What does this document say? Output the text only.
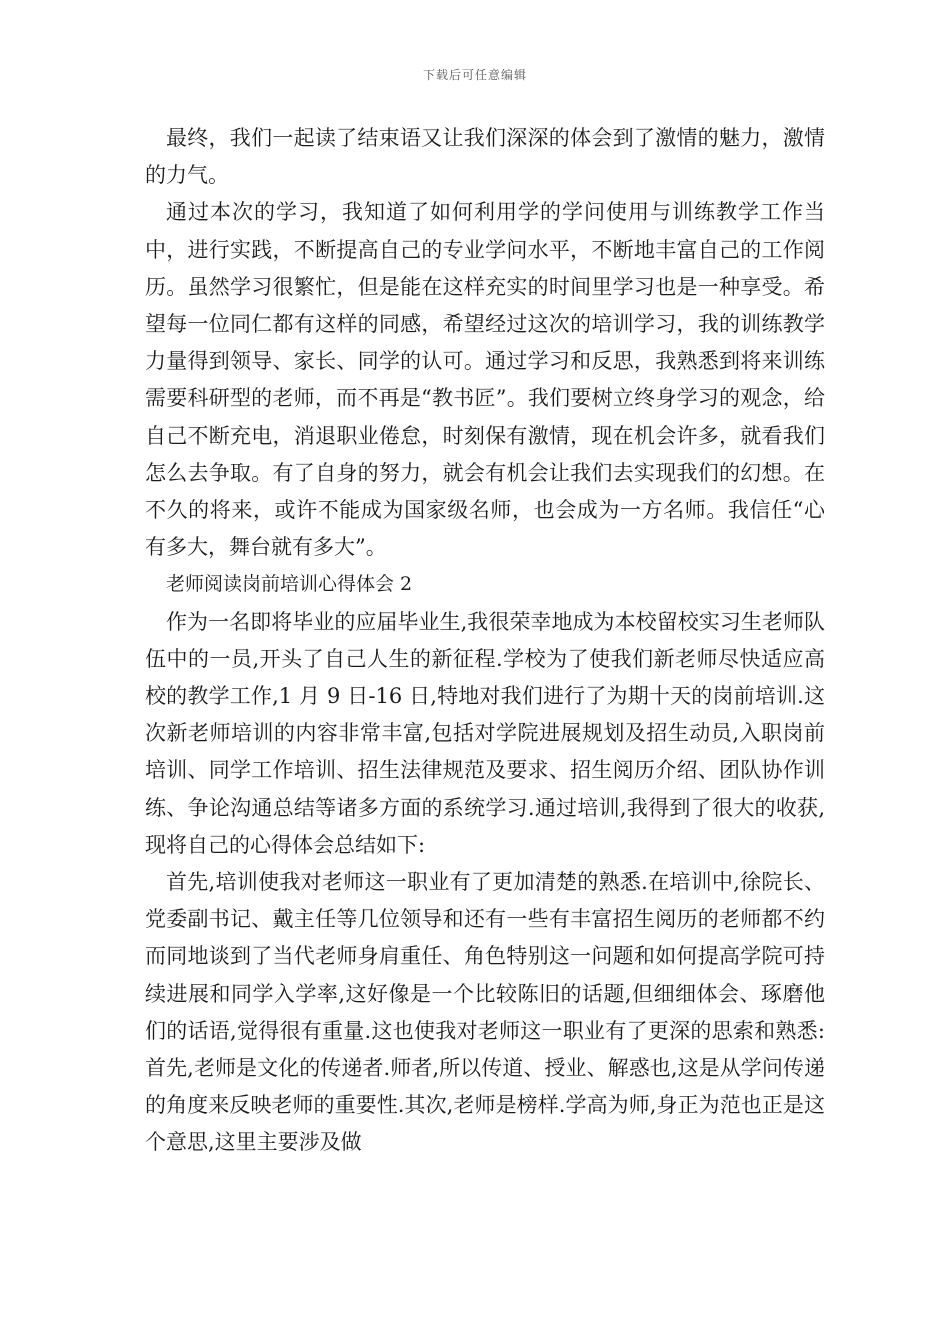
下载后可任意编辑

最终，我们一起读了结束语又让我们深深的体会到了激情的魅力，激情的力气。

通过本次的学习，我知道了如何利用学的学问使用与训练教学工作当中，进行实践，不断提高自己的专业学问水平，不断地丰富自己的工作阅历。虽然学习很繁忙，但是能在这样充实的时间里学习也是一种享受。希望每一位同仁都有这样的同感，希望经过这次的培训学习，我的训练教学力量得到领导、家长、同学的认可。通过学习和反思，我熟悉到将来训练需要科研型的老师，而不再是“教书匠”。我们要树立终身学习的观念，给自己不断充电，消退职业倦怠，时刻保有激情，现在机会许多，就看我们怎么去争取。有了自身的努力，就会有机会让我们去实现我们的幻想。在不久的将来，或许不能成为国家级名师，也会成为一方名师。我信任“心有多大，舞台就有多大”。

老师阅读岗前培训心得体会 2

作为一名即将毕业的应届毕业生,我很荣幸地成为本校留校实习生老师队伍中的一员,开头了自己人生的新征程.学校为了使我们新老师尽快适应高校的教学工作,1 月 9 日-16 日,特地对我们进行了为期十天的岗前培训.这次新老师培训的内容非常丰富,包括对学院进展规划及招生动员,入职岗前培训、同学工作培训、招生法律规范及要求、招生阅历介绍、团队协作训练、争论沟通总结等诸多方面的系统学习.通过培训,我得到了很大的收获,现将自己的心得体会总结如下:

首先,培训使我对老师这一职业有了更加清楚的熟悉.在培训中,徐院长、党委副书记、戴主任等几位领导和还有一些有丰富招生阅历的老师都不约而同地谈到了当代老师身肩重任、角色特别这一问题和如何提高学院可持续进展和同学入学率,这好像是一个比较陈旧的话题,但细细体会、琢磨他们的话语,觉得很有重量.这也使我对老师这一职业有了更深的思索和熟悉:首先,老师是文化的传递者.师者,所以传道、授业、解惑也,这是从学问传递的角度来反映老师的重要性.其次,老师是榜样.学高为师,身正为范也正是这个意思,这里主要涉及做
